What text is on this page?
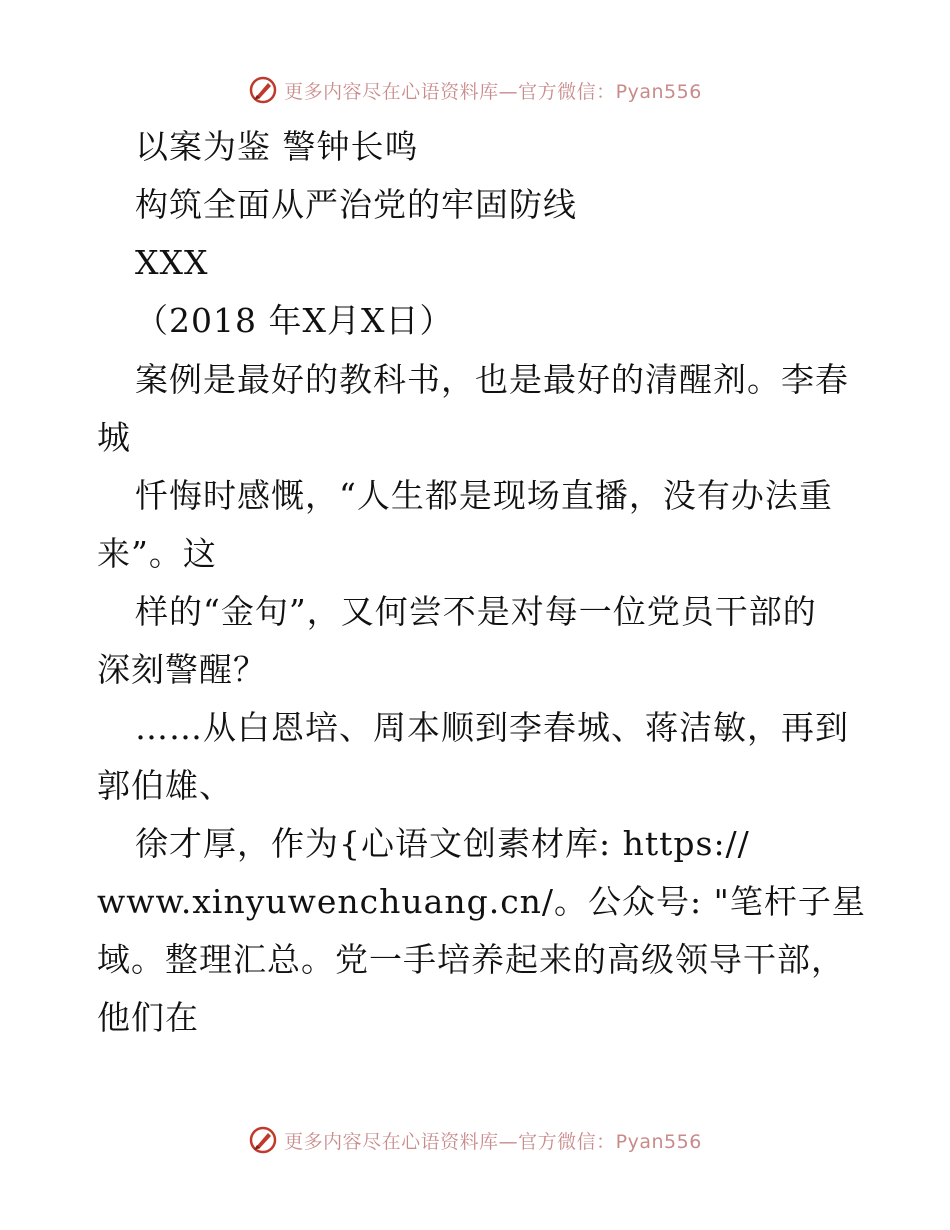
更多内容尽在心语资料库—官方微信：Pyan556
以案为鉴 警钟长鸣
构筑全面从严治党的牢固防线
XXX
（2018 年X月X日）
案例是最好的教科书，也是最好的清醒剂。李春
城
忏悔时感慨，“人生都是现场直播，没有办法重
来”。这
样的“金句”，又何尝不是对每一位党员干部的
深刻警醒？
……从白恩培、周本顺到李春城、蒋洁敏，再到
郭伯雄、
徐才厚，作为{心语文创素材库: https://
www.xinyuwenchuang.cn/。公众号: "笔杆子星
域。整理汇总。党一手培养起来的高级领导干部，
他们在
更多内容尽在心语资料库—官方微信：Pyan556
